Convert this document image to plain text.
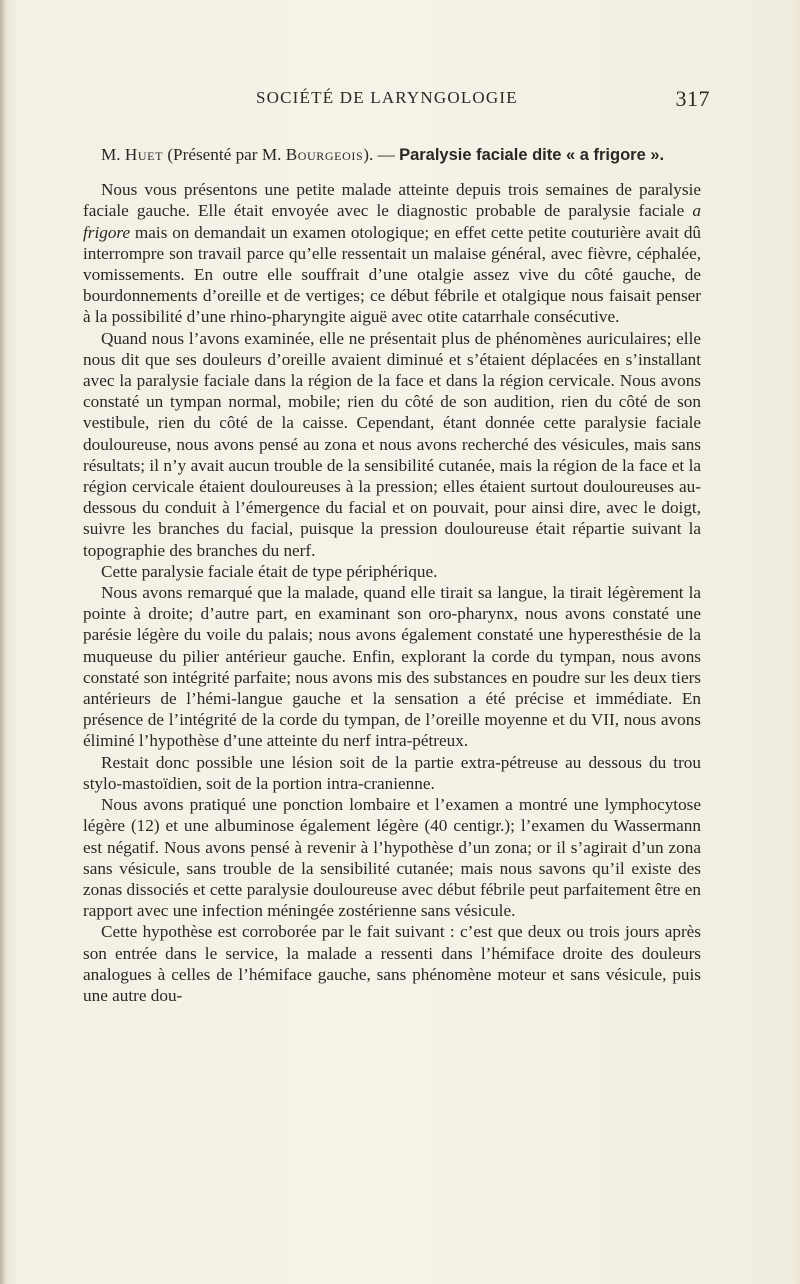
SOCIÉTÉ DE LARYNGOLOGIE	317

M. Huet (Présenté par M. Bourgeois). — Paralysie faciale dite « a frigore ».

Nous vous présentons une petite malade atteinte depuis trois semaines de paralysie faciale gauche. Elle était envoyée avec le diagnostic probable de paralysie faciale a frigore mais on demandait un examen otologique; en effet cette petite couturière avait dû interrompre son travail parce qu’elle ressentait un malaise général, avec fièvre, céphalée, vomissements. En outre elle souffrait d’une otalgie assez vive du côté gauche, de bourdonnements d’oreille et de vertiges; ce début fébrile et otalgique nous faisait penser à la possibilité d’une rhino-pharyngite aiguë avec otite catarrhale consécutive.

Quand nous l’avons examinée, elle ne présentait plus de phénomènes auriculaires; elle nous dit que ses douleurs d’oreille avaient diminué et s’étaient déplacées en s’installant avec la paralysie faciale dans la région de la face et dans la région cervicale. Nous avons constaté un tympan normal, mobile; rien du côté de son audition, rien du côté de son vestibule, rien du côté de la caisse. Cependant, étant donnée cette paralysie faciale douloureuse, nous avons pensé au zona et nous avons recherché des vésicules, mais sans résultats; il n’y avait aucun trouble de la sensibilité cutanée, mais la région de la face et la région cervicale étaient douloureuses à la pression; elles étaient surtout douloureuses au-dessous du conduit à l’émergence du facial et on pouvait, pour ainsi dire, avec le doigt, suivre les branches du facial, puisque la pression douloureuse était répartie suivant la topographie des branches du nerf.

Cette paralysie faciale était de type périphérique.

Nous avons remarqué que la malade, quand elle tirait sa langue, la tirait légèrement la pointe à droite; d’autre part, en examinant son oro-pharynx, nous avons constaté une parésie légère du voile du palais; nous avons également constaté une hyperesthésie de la muqueuse du pilier antérieur gauche. Enfin, explorant la corde du tympan, nous avons constaté son intégrité parfaite; nous avons mis des substances en poudre sur les deux tiers antérieurs de l’hémi-langue gauche et la sensation a été précise et immédiate. En présence de l’intégrité de la corde du tympan, de l’oreille moyenne et du VII, nous avons éliminé l’hypothèse d’une atteinte du nerf intra-pétreux.

Restait donc possible une lésion soit de la partie extra-pétreuse au dessous du trou stylo-mastoïdien, soit de la portion intra-cranienne.

Nous avons pratiqué une ponction lombaire et l’examen a montré une lymphocytose légère (12) et une albuminose également légère (40 centigr.); l’examen du Wassermann est négatif. Nous avons pensé à revenir à l’hypothèse d’un zona; or il s’agirait d’un zona sans vésicule, sans trouble de la sensibilité cutanée; mais nous savons qu’il existe des zonas dissociés et cette paralysie douloureuse avec début fébrile peut parfaitement être en rapport avec une infection méningée zostérienne sans vésicule.

Cette hypothèse est corroborée par le fait suivant : c’est que deux ou trois jours après son entrée dans le service, la malade a ressenti dans l’hémiface droite des douleurs analogues à celles de l’hémiface gauche, sans phénomène moteur et sans vésicule, puis une autre dou-
